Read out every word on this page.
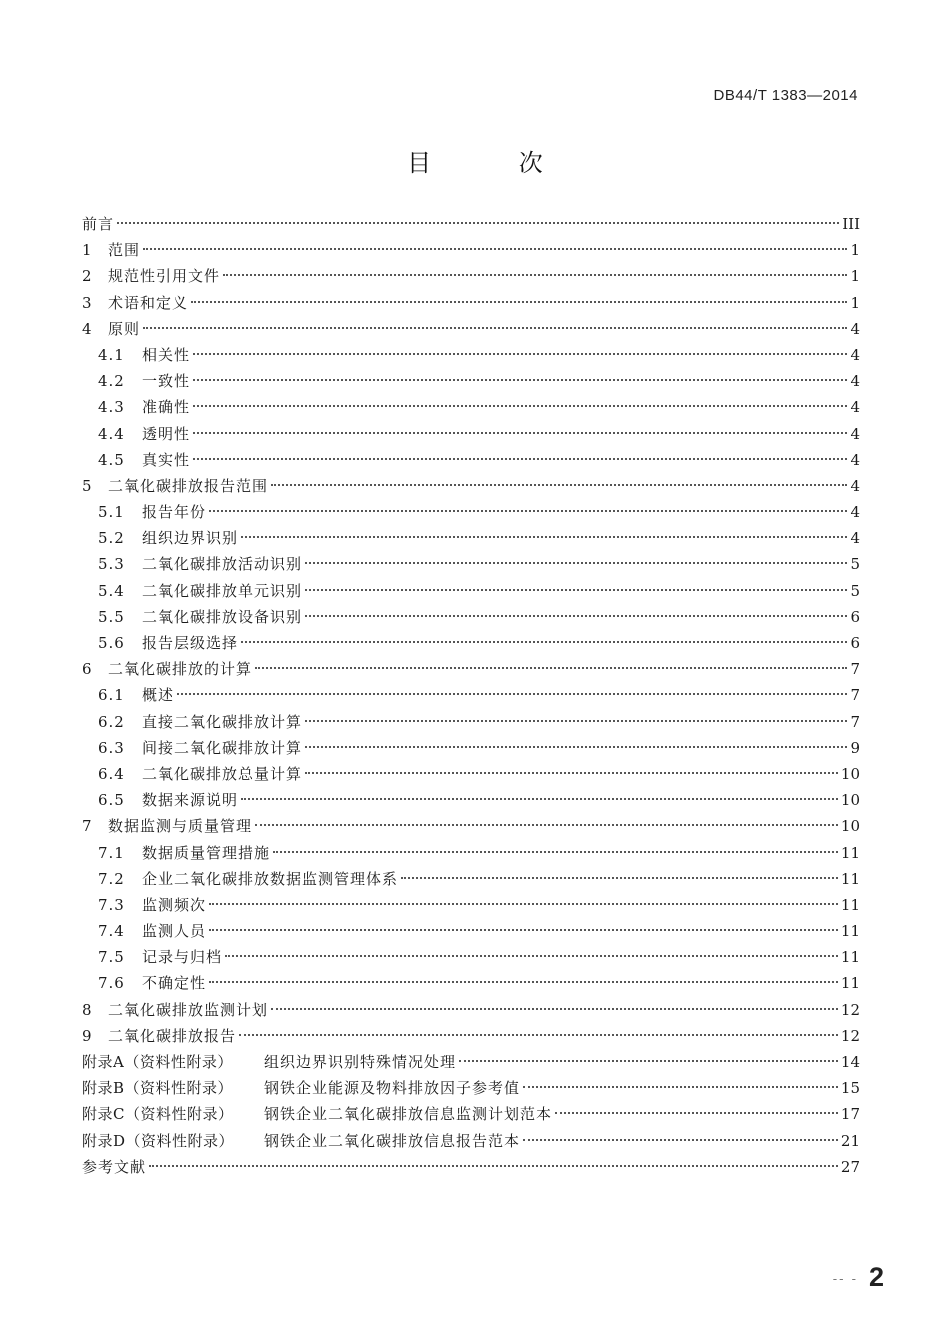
DB44/T 1383—2014
目 次
前言	III
1	范围	1
2	规范性引用文件	1
3	术语和定义	1
4	原则	4
4.1	相关性	4
4.2	一致性	4
4.3	准确性	4
4.4	透明性	4
4.5	真实性	4
5	二氧化碳排放报告范围	4
5.1	报告年份	4
5.2	组织边界识别	4
5.3	二氧化碳排放活动识别	5
5.4	二氧化碳排放单元识别	5
5.5	二氧化碳排放设备识别	6
5.6	报告层级选择	6
6	二氧化碳排放的计算	7
6.1	概述	7
6.2	直接二氧化碳排放计算	7
6.3	间接二氧化碳排放计算	9
6.4	二氧化碳排放总量计算	10
6.5	数据来源说明	10
7	数据监测与质量管理	10
7.1	数据质量管理措施	11
7.2	企业二氧化碳排放数据监测管理体系	11
7.3	监测频次	11
7.4	监测人员	11
7.5	记录与归档	11
7.6	不确定性	11
8	二氧化碳排放监测计划	12
9	二氧化碳排放报告	12
附录A（资料性附录）	组织边界识别特殊情况处理	14
附录B（资料性附录）	钢铁企业能源及物料排放因子参考值	15
附录C（资料性附录）	钢铁企业二氧化碳排放信息监测计划范本	17
附录D（资料性附录）	钢铁企业二氧化碳排放信息报告范本	21
参考文献	27
-- - 2
